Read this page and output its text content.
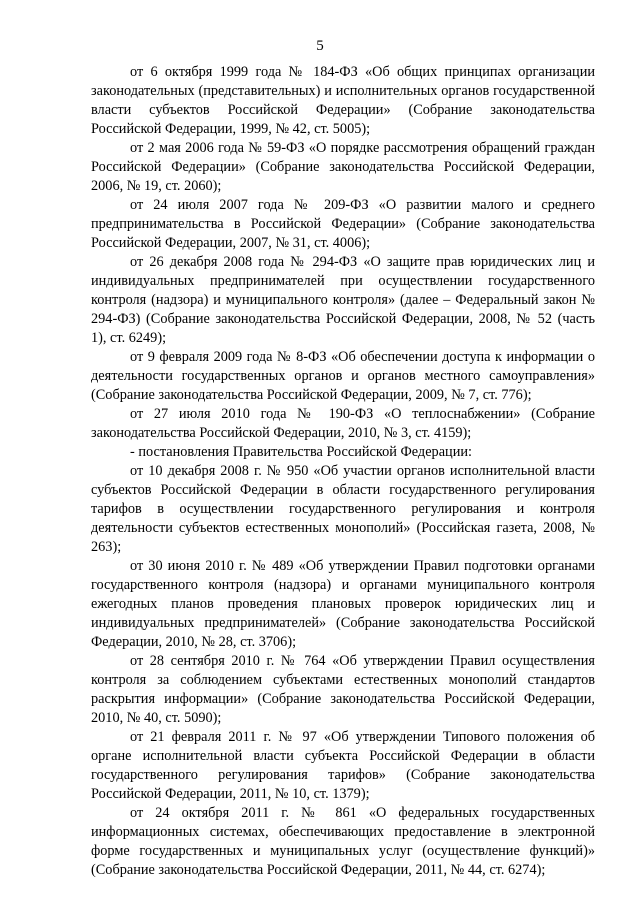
5

от 6 октября 1999 года № 184-ФЗ «Об общих принципах организации законодательных (представительных) и исполнительных органов государственной власти субъектов Российской Федерации» (Собрание законодательства Российской Федерации, 1999, № 42, ст. 5005);

от 2 мая 2006 года № 59-ФЗ «О порядке рассмотрения обращений граждан Российской Федерации» (Собрание законодательства Российской Федерации, 2006, № 19, ст. 2060);

от 24 июля 2007 года № 209-ФЗ «О развитии малого и среднего предпринимательства в Российской Федерации» (Собрание законодательства Российской Федерации, 2007, № 31, ст. 4006);

от 26 декабря 2008 года № 294-ФЗ «О защите прав юридических лиц и индивидуальных предпринимателей при осуществлении государственного контроля (надзора) и муниципального контроля» (далее – Федеральный закон № 294-ФЗ) (Собрание законодательства Российской Федерации, 2008, № 52 (часть 1), ст. 6249);

от 9 февраля 2009 года № 8-ФЗ «Об обеспечении доступа к информации о деятельности государственных органов и органов местного самоуправления» (Собрание законодательства Российской Федерации, 2009, № 7, ст. 776);

от 27 июля 2010 года № 190-ФЗ «О теплоснабжении» (Собрание законодательства Российской Федерации, 2010, № 3, ст. 4159);

- постановления Правительства Российской Федерации:

от 10 декабря 2008 г. № 950 «Об участии органов исполнительной власти субъектов Российской Федерации в области государственного регулирования тарифов в осуществлении государственного регулирования и контроля деятельности субъектов естественных монополий» (Российская газета, 2008, № 263);

от 30 июня 2010 г. № 489 «Об утверждении Правил подготовки органами государственного контроля (надзора) и органами муниципального контроля ежегодных планов проведения плановых проверок юридических лиц и индивидуальных предпринимателей» (Собрание законодательства Российской Федерации, 2010, № 28, ст. 3706);

от 28 сентября 2010 г. № 764 «Об утверждении Правил осуществления контроля за соблюдением субъектами естественных монополий стандартов раскрытия информации» (Собрание законодательства Российской Федерации, 2010, № 40, ст. 5090);

от 21 февраля 2011 г. № 97 «Об утверждении Типового положения об органе исполнительной власти субъекта Российской Федерации в области государственного регулирования тарифов» (Собрание законодательства Российской Федерации, 2011, № 10, ст. 1379);

от 24 октября 2011 г. № 861 «О федеральных государственных информационных системах, обеспечивающих предоставление в электронной форме государственных и муниципальных услуг (осуществление функций)» (Собрание законодательства Российской Федерации, 2011, № 44, ст. 6274);
